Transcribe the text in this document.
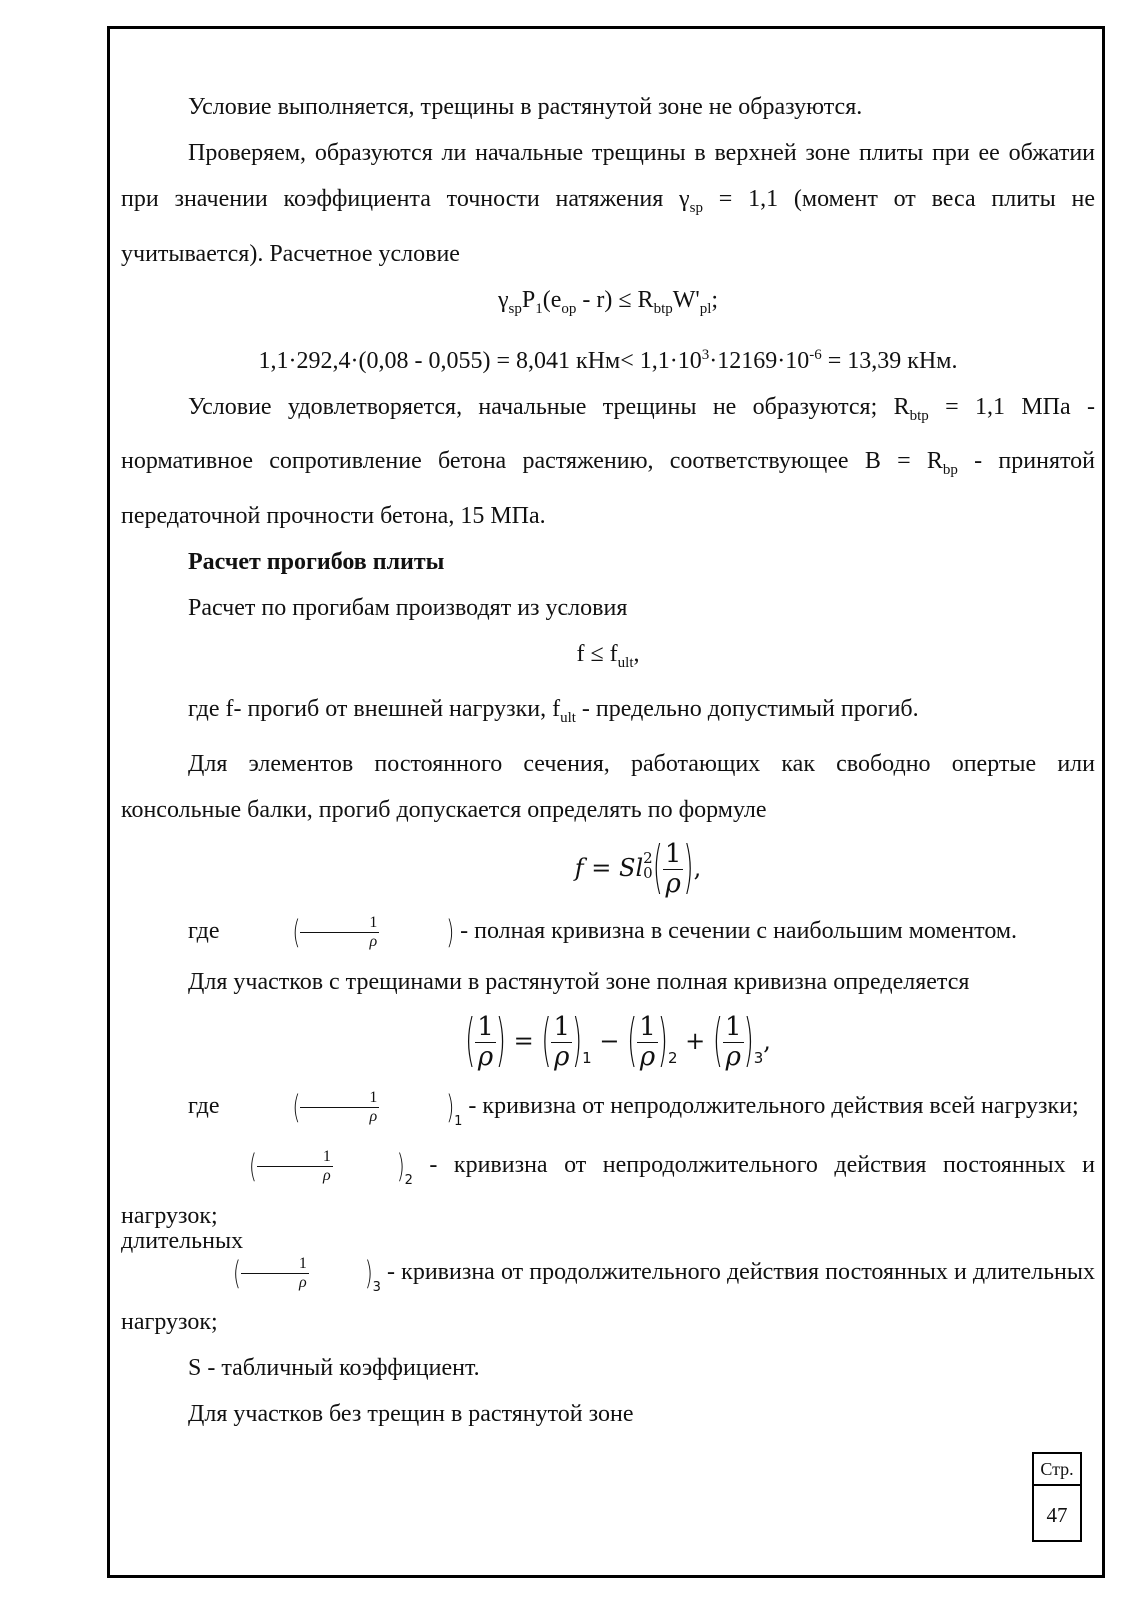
Условие выполняется, трещины в растянутой зоне не образуются.

Проверяем, образуются ли начальные трещины в верхней зоне плиты при ее обжатии при значении коэффициента точности натяжения $\gamma_{sp} = 1,1$ (момент от веса плиты не учитывается). Расчетное условие

$\gamma_{sp}P_1(e_{op} - r) \le R_{btp}W'_{pl}$;

1,1·292,4·(0,08 - 0,055) = 8,041 $кНм< 1,1\cdot 10^3\cdot 12169\cdot 10^{-6} = 13,39$ кНм.

Условие удовлетворяется, начальные трещины не образуются; $R_{btp} = 1,1$ МПа - нормативное сопротивление бетона растяжению, соответствующее $В = R_{bp}$ - принятой передаточной прочности бетона, 15 МПа.

Расчет прогибов плиты

Расчет по прогибам производят из условия

$f \le f_{ult}$,

где f- прогиб от внешней нагрузки, $f_{ult}$ - предельно допустимый прогиб.

Для элементов постоянного сечения, работающих как свободно опертые или консольные балки, прогиб допускается определять по формуле

f = Sl 2
0 ( $\frac{1}{\rho}$ ),

где	( $\frac{1}{\rho}$	) - полная кривизна в сечении с наибольшим моментом.

Для участков с трещинами в растянутой зоне полная кривизна определяется

( $\frac{1}{\rho}$ ) = ( $\frac{1}{\rho} )_1$ − ( $\frac{1}{\rho} )_2$ + ( $\frac{1}{\rho} )_3$,

где	( $\frac{1}{\rho}$	)$_1$ - кривизна от непродолжительного действия всей нагрузки;

( $\frac{1}{\rho}$	)$_2$ - кривизна от непродолжительного действия постоянных и длительных

нагрузок;

( $\frac{1}{\rho}$	)$_3$ - кривизна от продолжительного действия постоянных и длительных

нагрузок;

S - табличный коэффициент.

Для участков без трещин в растянутой зоне

Стр.
47
